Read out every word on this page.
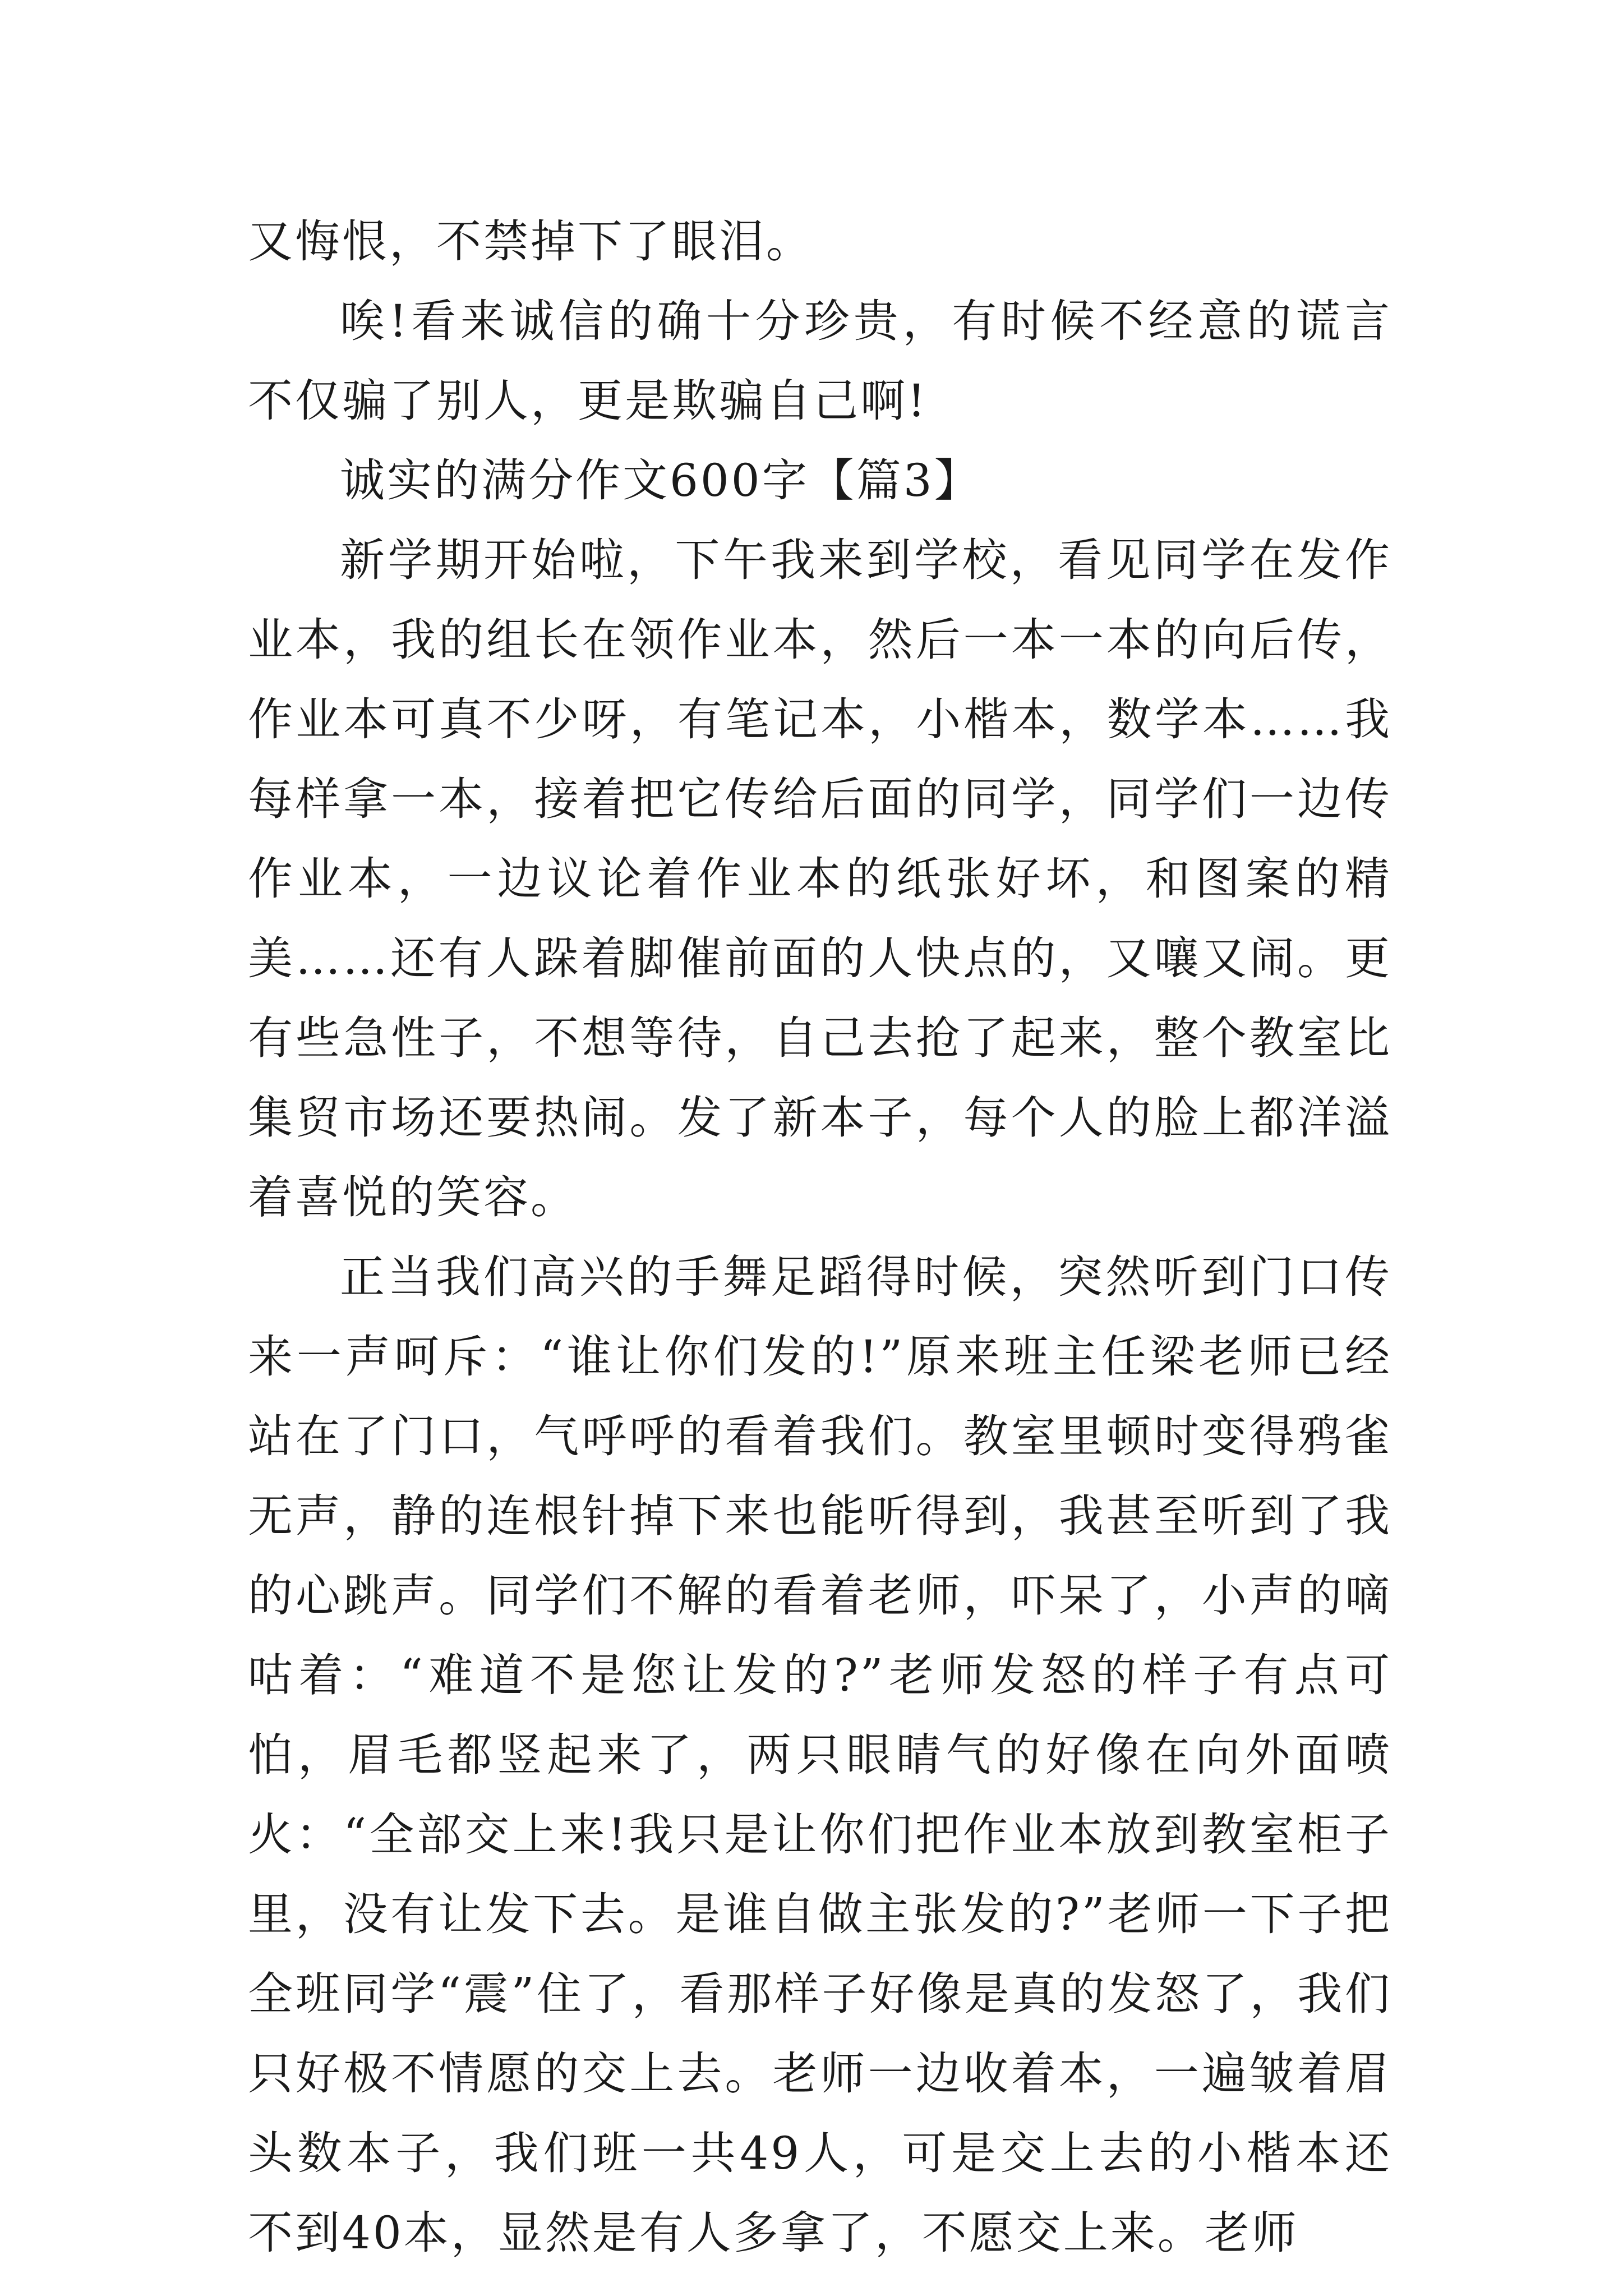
又悔恨，不禁掉下了眼泪。

唉!看来诚信的确十分珍贵，有时候不经意的谎言不仅骗了别人，更是欺骗自己啊!

诚实的满分作文600字【篇3】

新学期开始啦，下午我来到学校，看见同学在发作业本，我的组长在领作业本，然后一本一本的向后传，作业本可真不少呀，有笔记本，小楷本，数学本……我每样拿一本，接着把它传给后面的同学，同学们一边传作业本，一边议论着作业本的纸张好坏，和图案的精美……还有人跺着脚催前面的人快点的，又嚷又闹。更有些急性子，不想等待，自己去抢了起来，整个教室比集贸市场还要热闹。发了新本子，每个人的脸上都洋溢着喜悦的笑容。

正当我们高兴的手舞足蹈得时候，突然听到门口传来一声呵斥：“谁让你们发的!”原来班主任梁老师已经站在了门口，气呼呼的看着我们。教室里顿时变得鸦雀无声，静的连根针掉下来也能听得到，我甚至听到了我的心跳声。同学们不解的看着老师，吓呆了，小声的嘀咕着：“难道不是您让发的?”老师发怒的样子有点可怕，眉毛都竖起来了，两只眼睛气的好像在向外面喷火：“全部交上来!我只是让你们把作业本放到教室柜子里，没有让发下去。是谁自做主张发的?”老师一下子把全班同学“震”住了，看那样子好像是真的发怒了，我们只好极不情愿的交上去。老师一边收着本，一遍皱着眉头数本子，我们班一共49人，可是交上去的小楷本还不到40本，显然是有人多拿了，不愿交上来。老师
